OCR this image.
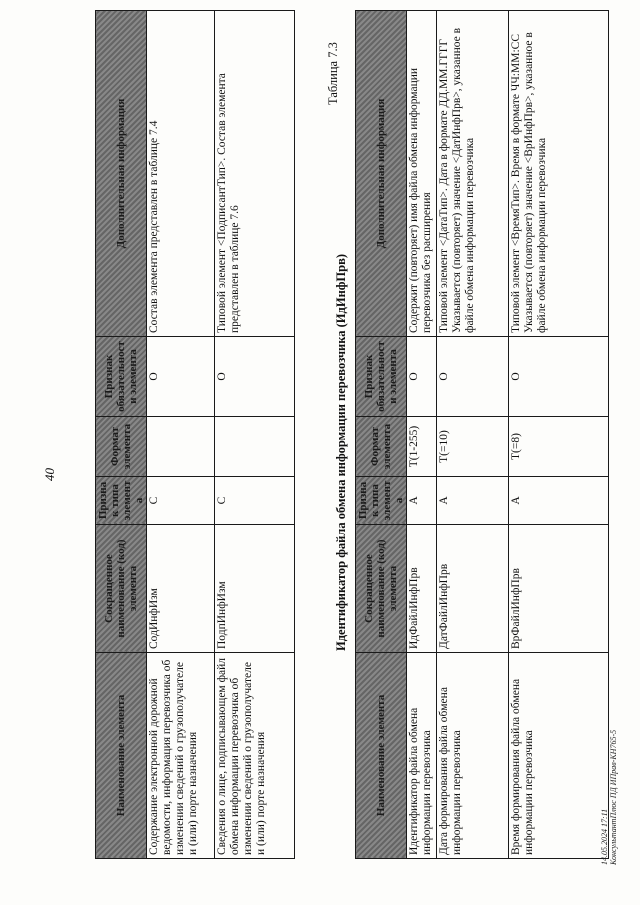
40
Наименование элемента	Сокращенное наименование (код) элемента	Признак типа элемента	Формат элемента	Признак обязательности элемента	Дополнительная информация
Содержание электронной дорожной ведомости, информация перевозчика об изменении сведений о грузополучателе и (или) порте назначения	СодИнфИзм	С		О	Состав элемента представлен в таблице 7.4
Сведения о лице, подписывающем файл обмена информации перевозчика об изменении сведений о грузополучателе и (или) порте назначения	ПодпИнфИзм	С		О	Типовой элемент <ПодписантТип>. Состав элемента представлен в таблице 7.6
Таблица 7.3
Идентификатор файла обмена информации перевозчика (ИдИнфПрв)
Наименование элемента	Сокращенное наименование (код) элемента	Признак типа элемента	Формат элемента	Признак обязательности элемента	Дополнительная информация
Идентификатор файла обмена информации перевозчика	ИдФайлИнфПрв	А	T(1-255)	О	Содержит (повторяет) имя файла обмена информации перевозчика без расширения
Дата формирования файла обмена информации перевозчика	ДатФайлИнфПрв	А	T(=10)	О	Типовой элемент <ДатаТип>. Дата в формате ДД.ММ.ГГГГ Указывается (повторяет) значение <ДатИнфПрв>, указанное в файле обмена информации перевозчика
Время формирования файла обмена информации перевозчика	ВрФайлИнфПрв	А	T(=8)	О	Типовой элемент <ВремяТип>. Время в формате ЧЧ:ММ:СС Указывается (повторяет) значение <ВрИнфПрв>, указанное в файле обмена информации перевозчика
14.05.2024 17:11 КонсультантПлюс ПД ИПрав-КН765-5
